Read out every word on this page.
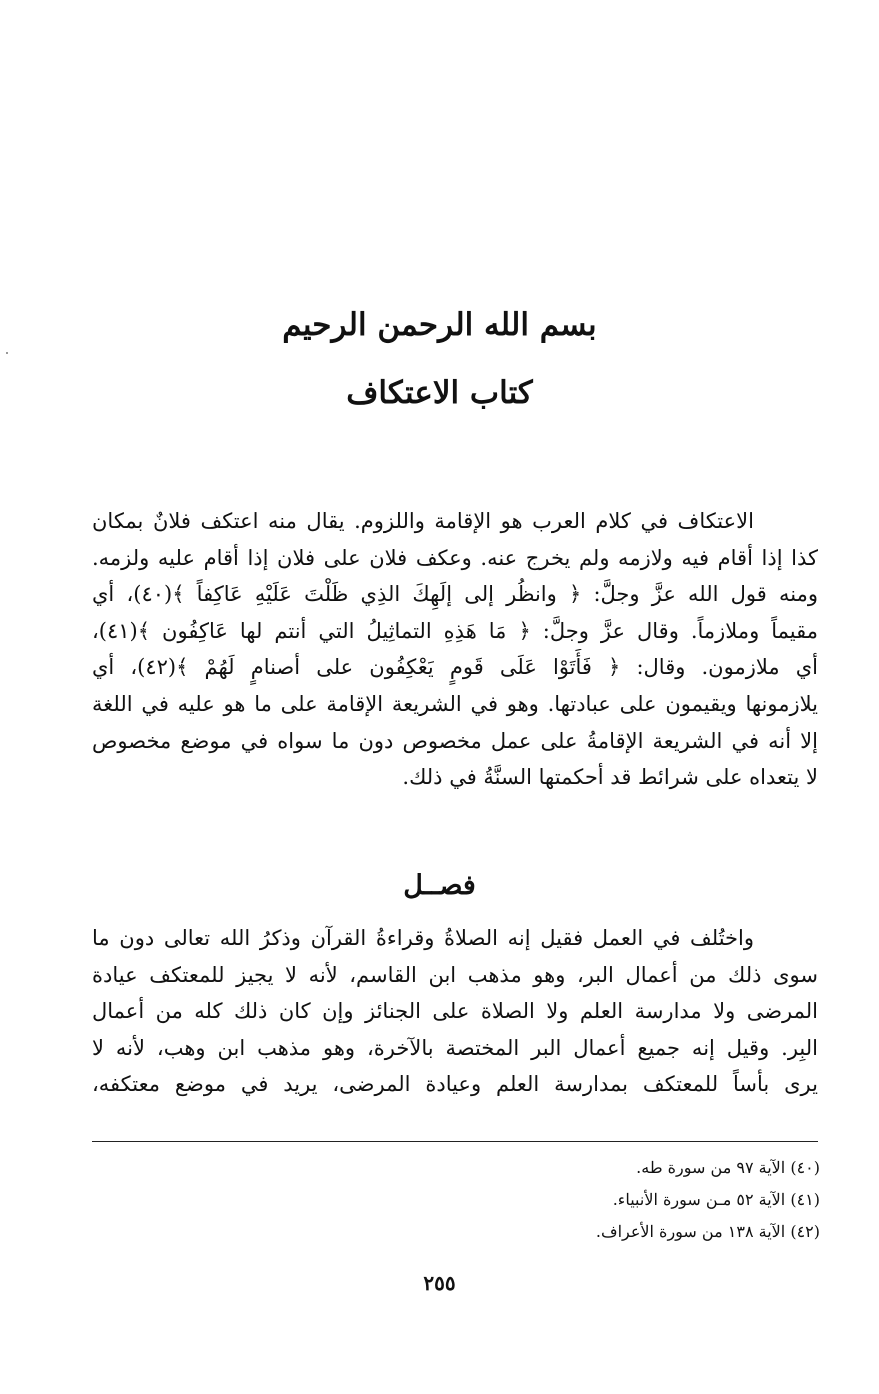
بسم الله الرحمن الرحيم
كتاب الاعتكاف
الاعتكاف في كلام العرب هو الإقامة واللزوم. يقال منه اعتكف فلانٌ بمكان
كذا إذا أقام فيه ولازمه ولم يخرج عنه. وعكف فلان على فلان إذا أقام عليه ولزمه.
ومنه قول الله عزَّ وجلَّ: ﴿ وانظُر إلى إلَهِكَ الذِي ظَلْتَ عَلَيْهِ عَاكِفاً ﴾(٤٠)، أي
مقيماً وملازماً. وقال عزَّ وجلَّ: ﴿ مَا هَذِهِ التماثِيلُ التي أنتم لها عَاكِفُون ﴾(٤١)،
أي ملازمون. وقال: ﴿ فَأَتَوْا عَلَى قَومٍ يَعْكِفُون على أصنامٍ لَهُمْ ﴾(٤٢)، أي
يلازمونها ويقيمون على عبادتها. وهو في الشريعة الإقامة على ما هو عليه في اللغة
إلا أنه في الشريعة الإقامةُ على عمل مخصوص دون ما سواه في موضع مخصوص
لا يتعداه على شرائط قد أحكمتها السنَّةُ في ذلك.
فصــل
واختُلف في العمل فقيل إنه الصلاةُ وقراءةُ القرآن وذكرُ الله تعالى دون ما
سوى ذلك من أعمال البر، وهو مذهب ابن القاسم، لأنه لا يجيز للمعتكف عيادة
المرضى ولا مدارسة العلم ولا الصلاة على الجنائز وإن كان ذلك كله من أعمال
البِر. وقيل إنه جميع أعمال البر المختصة بالآخرة، وهو مذهب ابن وهب، لأنه لا
يرى بأساً للمعتكف بمدارسة العلم وعيادة المرضى، يريد في موضع معتكفه،
(٤٠) الآية ٩٧ من سورة طه.
(٤١) الآية ٥٢ مـن سورة الأنبياء.
(٤٢) الآية ١٣٨ من سورة الأعراف.
٢٥٥
